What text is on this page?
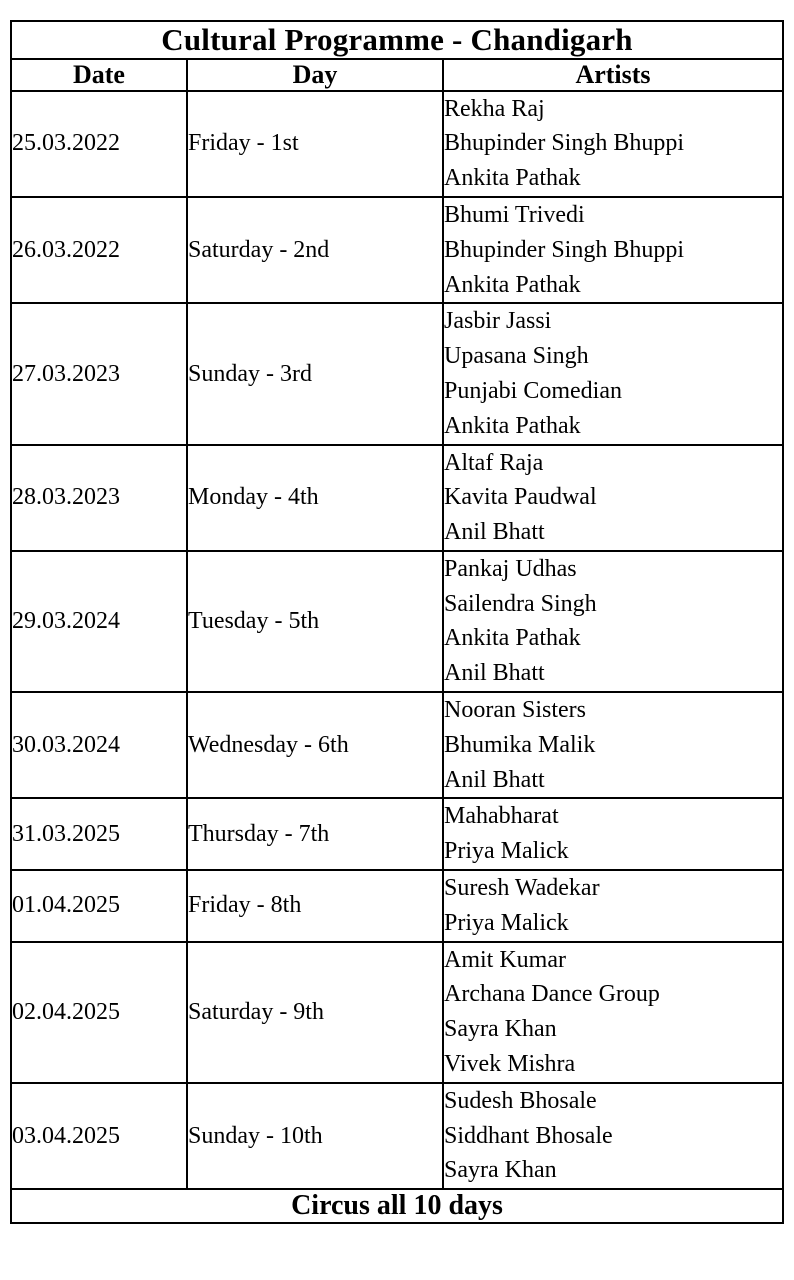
Cultural Programme - Chandigarh		
Date	Day	Artists
25.03.2022	Friday - 1st	Rekha Raj
Bhupinder Singh Bhuppi
Ankita Pathak

26.03.2022	Saturday - 2nd	Bhumi Trivedi
Bhupinder Singh Bhuppi
Ankita Pathak

27.03.2023	Sunday - 3rd	Jasbir Jassi
Upasana Singh
Punjabi Comedian
Ankita Pathak

28.03.2023	Monday - 4th	Altaf Raja
Kavita Paudwal
Anil Bhatt

29.03.2024	Tuesday - 5th	Pankaj Udhas
Sailendra Singh
Ankita Pathak
Anil Bhatt

30.03.2024	Wednesday - 6th	Nooran Sisters
Bhumika Malik
Anil Bhatt

31.03.2025	Thursday - 7th	Mahabharat
Priya Malick

01.04.2025	Friday - 8th	Suresh Wadekar
Priya Malick

02.04.2025	Saturday - 9th	Amit Kumar
Archana Dance Group
Sayra Khan
Vivek Mishra

03.04.2025	Sunday - 10th	Sudesh Bhosale
Siddhant Bhosale
Sayra Khan

Circus all 10 days		
